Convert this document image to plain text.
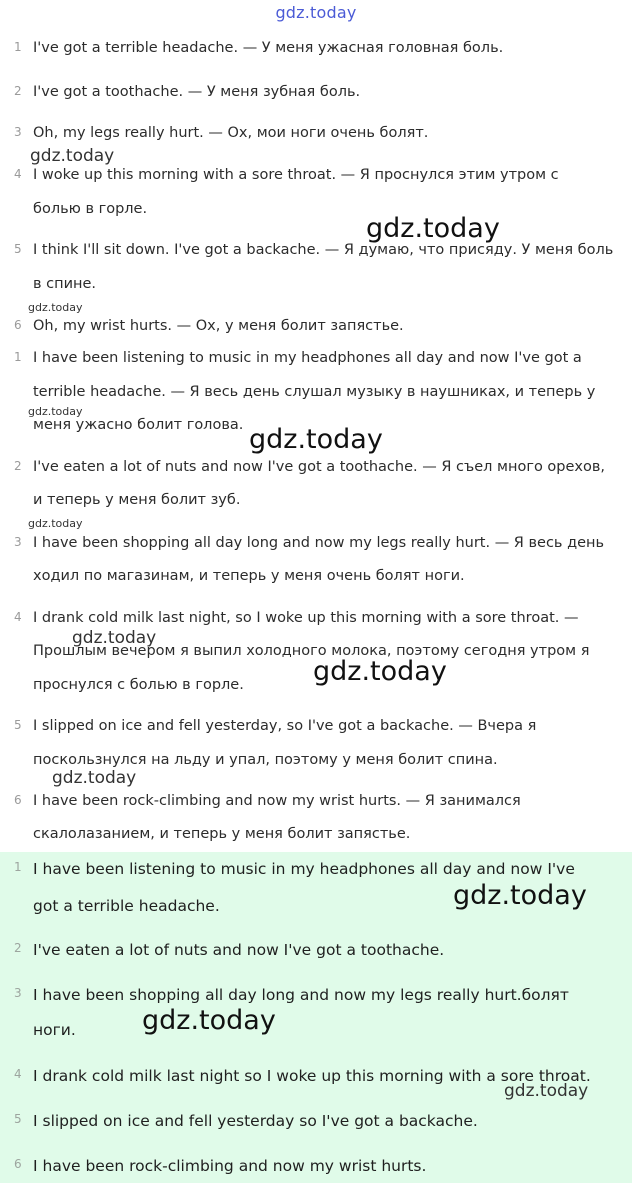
gdz.today
1 I've got a terrible headache. — У меня ужасная головная боль.
2 I've got a toothache. — У меня зубная боль.
3 Oh, my legs really hurt. — Ох, мои ноги очень болят.
4 I woke up this morning with a sore throat. — Я проснулся этим утром с
болью в горле.
5 I think I'll sit down. I've got a backache. — Я думаю, что присяду. У меня боль
в спине.
6 Oh, my wrist hurts. — Ох, у меня болит запястье.
1 I have been listening to music in my headphones all day and now I've got a
terrible headache. — Я весь день слушал музыку в наушниках, и теперь у
меня ужасно болит голова.
2 I've eaten a lot of nuts and now I've got a toothache. — Я съел много орехов,
и теперь у меня болит зуб.
3 I have been shopping all day long and now my legs really hurt. — Я весь день
ходил по магазинам, и теперь у меня очень болят ноги.
4 I drank cold milk last night, so I woke up this morning with a sore throat. —
Прошлым вечером я выпил холодного молока, поэтому сегодня утром я
проснулся с болью в горле.
5 I slipped on ice and fell yesterday, so I've got a backache. — Вчера я
поскользнулся на льду и упал, поэтому у меня болит спина.
6 I have been rock-climbing and now my wrist hurts. — Я занимался
скалолазанием, и теперь у меня болит запястье.
1 I have been listening to music in my headphones all day and now I've
got a terrible headache.
2 I've eaten a lot of nuts and now I've got a toothache.
3 I have been shopping all day long and now my legs really hurt.болят
ноги.
4 I drank cold milk last night so I woke up this morning with a sore throat.
5 I slipped on ice and fell yesterday so I've got a backache.
6 I have been rock-climbing and now my wrist hurts.
gdz.today
gdz.today
gdz.today
gdz.today
gdz.today
gdz.today
gdz.today
gdz.today
gdz.today
gdz.today
gdz.today
gdz.today
